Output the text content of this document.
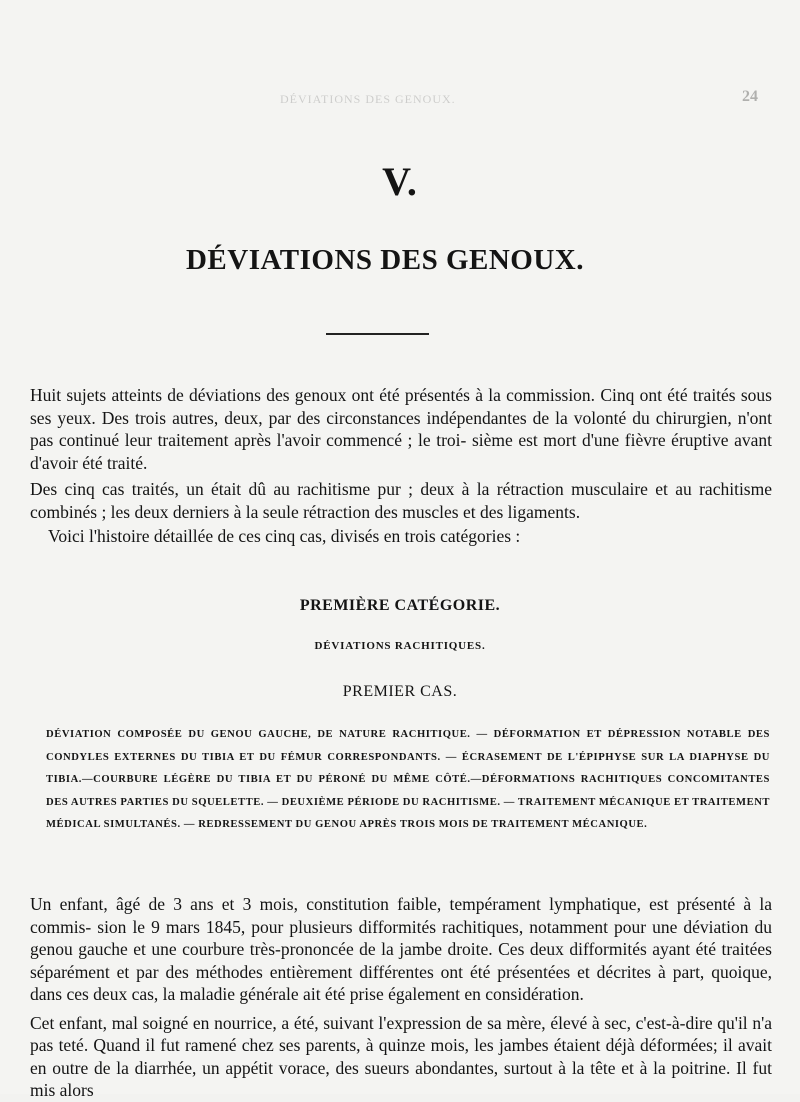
DÉVIATIONS DES GENOUX.	24
V.
DÉVIATIONS DES GENOUX.

Huit sujets atteints de déviations des genoux ont été présentés à la commission. Cinq ont été traités sous ses yeux. Des trois autres, deux, par des circonstances indépendantes de la volonté du chirurgien, n'ont pas continué leur traitement après l'avoir commencé ; le troi- sième est mort d'une fièvre éruptive avant d'avoir été traité.

Des cinq cas traités, un était dû au rachitisme pur ; deux à la rétraction musculaire et au rachitisme combinés ; les deux derniers à la seule rétraction des muscles et des ligaments.

Voici l'histoire détaillée de ces cinq cas, divisés en trois catégories :

PREMIÈRE CATÉGORIE.
DÉVIATIONS RACHITIQUES.
PREMIER CAS.
DÉVIATION COMPOSÉE DU GENOU GAUCHE, DE NATURE RACHITIQUE. — DÉFORMATION ET DÉPRESSION NOTABLE DES CONDYLES EXTERNES DU TIBIA ET DU FÉMUR CORRESPONDANTS. — ÉCRASEMENT DE L'ÉPIPHYSE SUR LA DIAPHYSE DU TIBIA.—COURBURE LÉGÈRE DU TIBIA ET DU PÉRONÉ DU MÊME CÔTÉ.—DÉFORMATIONS RACHITIQUES CONCOMITANTES DES AUTRES PARTIES DU SQUELETTE. — DEUXIÈME PÉRIODE DU RACHITISME. — TRAITEMENT MÉCANIQUE ET TRAITEMENT MÉDICAL SIMULTANÉS. — REDRESSEMENT DU GENOU APRÈS TROIS MOIS DE TRAITEMENT MÉCANIQUE.

Un enfant, âgé de 3 ans et 3 mois, constitution faible, tempérament lymphatique, est présenté à la commis- sion le 9 mars 1845, pour plusieurs difformités rachitiques, notamment pour une déviation du genou gauche et une courbure très-prononcée de la jambe droite. Ces deux difformités ayant été traitées séparément et par des méthodes entièrement différentes ont été présentées et décrites à part, quoique, dans ces deux cas, la maladie générale ait été prise également en considération.

Cet enfant, mal soigné en nourrice, a été, suivant l'expression de sa mère, élevé à sec, c'est-à-dire qu'il n'a pas teté. Quand il fut ramené chez ses parents, à quinze mois, les jambes étaient déjà déformées; il avait en outre de la diarrhée, un appétit vorace, des sueurs abondantes, surtout à la tête et à la poitrine. Il fut mis alors
